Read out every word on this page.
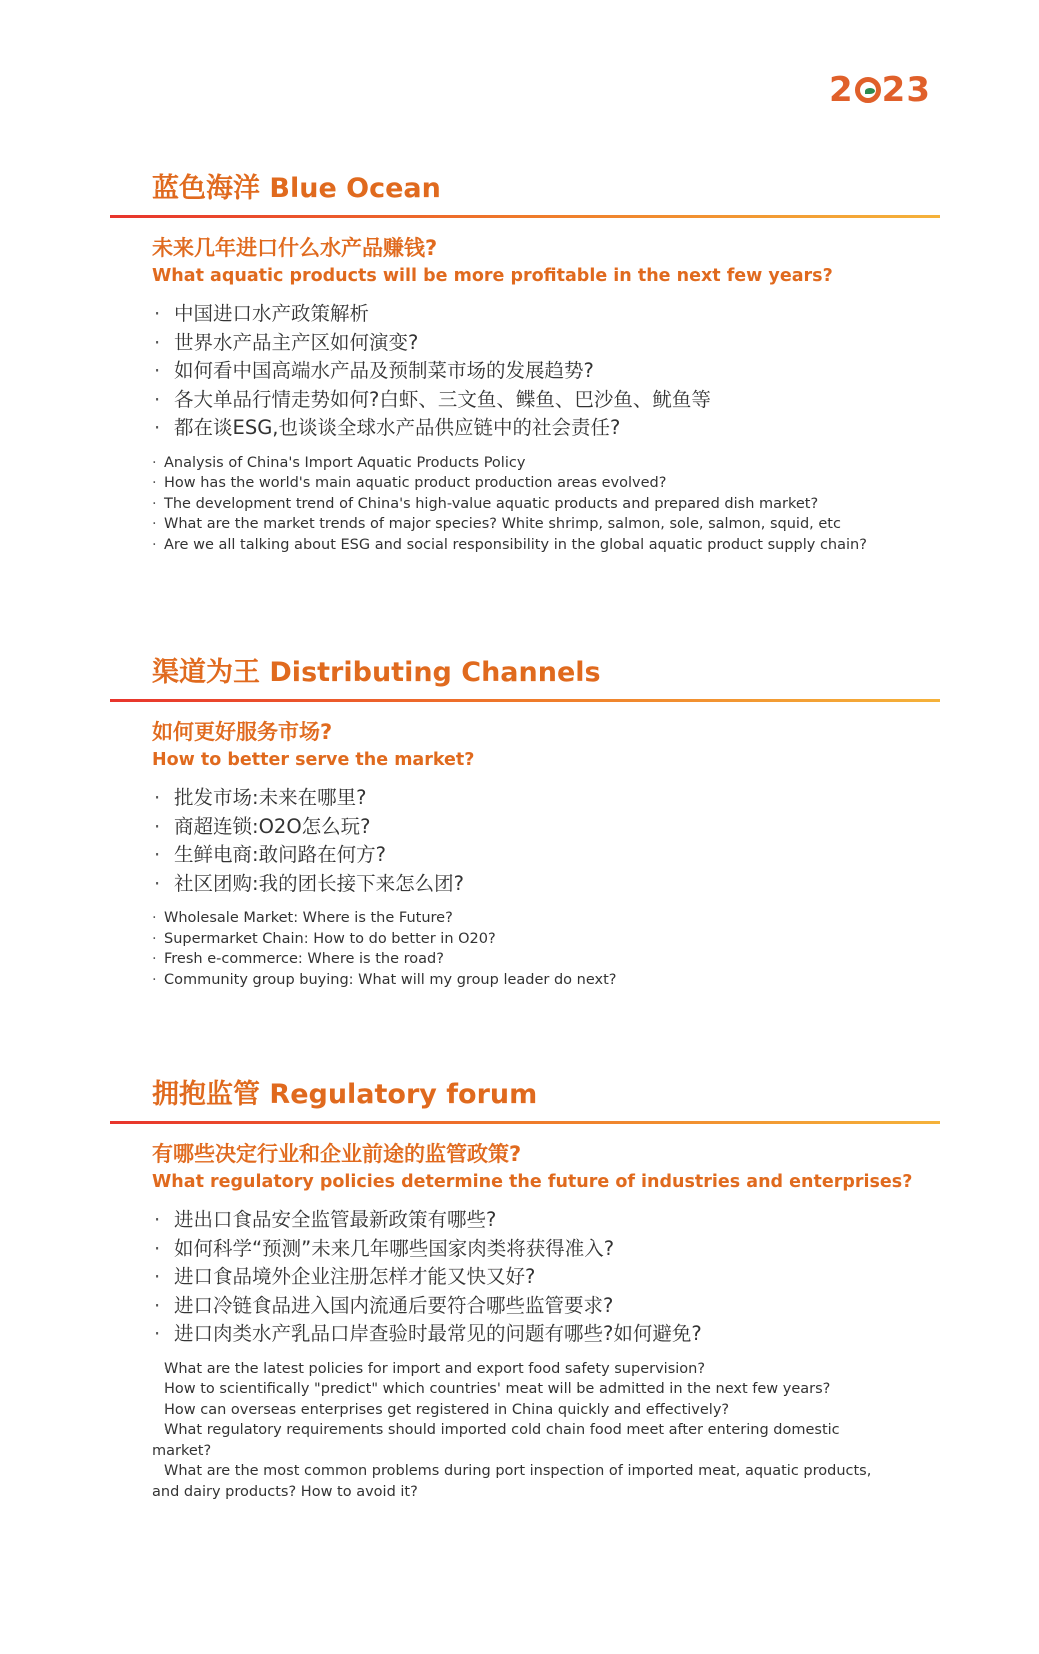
2 23
蓝色海洋 Blue Ocean
未来几年进口什么水产品赚钱?
What aquatic products will be more profitable in the next few years?
· 中国进口水产政策解析
· 世界水产品主产区如何演变?
· 如何看中国高端水产品及预制菜市场的发展趋势?
· 各大单品行情走势如何?白虾、三文鱼、鲽鱼、巴沙鱼、鱿鱼等
· 都在谈ESG,也谈谈全球水产品供应链中的社会责任?
· Analysis of China's Import Aquatic Products Policy
· How has the world's main aquatic product production areas evolved?
· The development trend of China's high-value aquatic products and prepared dish market?
· What are the market trends of major species? White shrimp, salmon, sole, salmon, squid, etc
· Are we all talking about ESG and social responsibility in the global aquatic product supply chain?
渠道为王 Distributing Channels
如何更好服务市场?
How to better serve the market?
· 批发市场:未来在哪里?
· 商超连锁:O2O怎么玩?
· 生鲜电商:敢问路在何方?
· 社区团购:我的团长接下来怎么团?
· Wholesale Market: Where is the Future?
· Supermarket Chain: How to do better in O20?
· Fresh e-commerce: Where is the road?
· Community group buying: What will my group leader do next?
拥抱监管 Regulatory forum
有哪些决定行业和企业前途的监管政策?
What regulatory policies determine the future of industries and enterprises?
· 进出口食品安全监管最新政策有哪些?
· 如何科学“预测”未来几年哪些国家肉类将获得准入?
· 进口食品境外企业注册怎样才能又快又好?
· 进口冷链食品进入国内流通后要符合哪些监管要求?
· 进口肉类水产乳品口岸查验时最常见的问题有哪些?如何避免?
· What are the latest policies for import and export food safety supervision?
· How to scientifically "predict" which countries' meat will be admitted in the next few years?
· How can overseas enterprises get registered in China quickly and effectively?
· What regulatory requirements should imported cold chain food meet after entering domestic market?
· What are the most common problems during port inspection of imported meat, aquatic products, and dairy products? How to avoid it?
